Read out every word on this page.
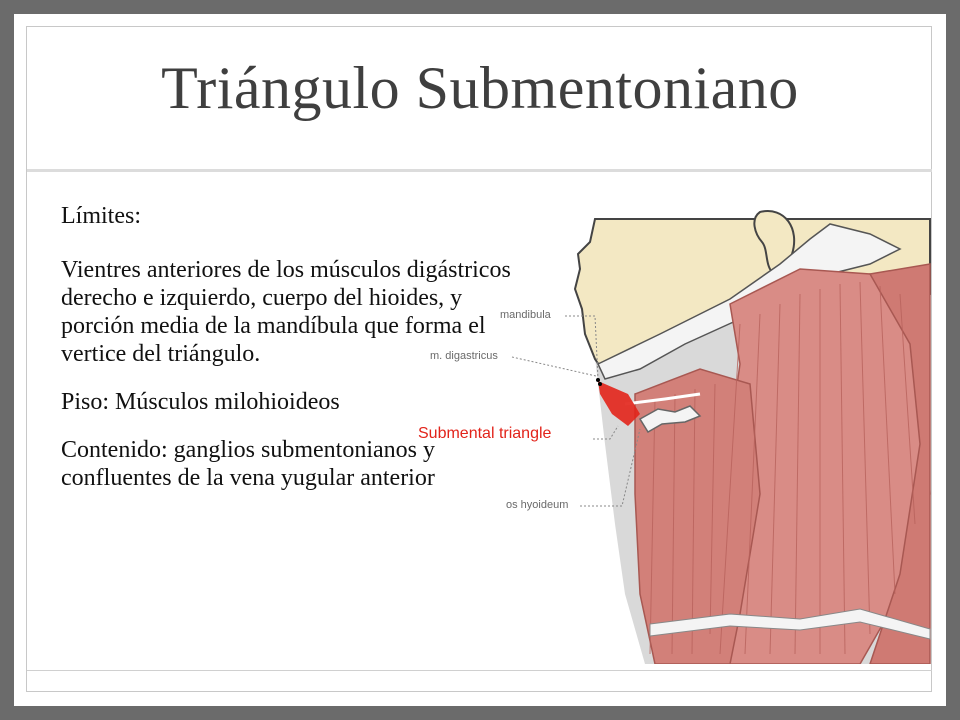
Triángulo Submentoniano

Límites:

Vientres anteriores de los músculos digástricos derecho e izquierdo, cuerpo del hioides, y porción media de la mandíbula que forma el vertice del triángulo.

Piso: Músculos milohioideos

Contenido: ganglios submentonianos y confluentes de la vena yugular anterior

mandibula
m. digastricus
Submental triangle
os hyoideum
